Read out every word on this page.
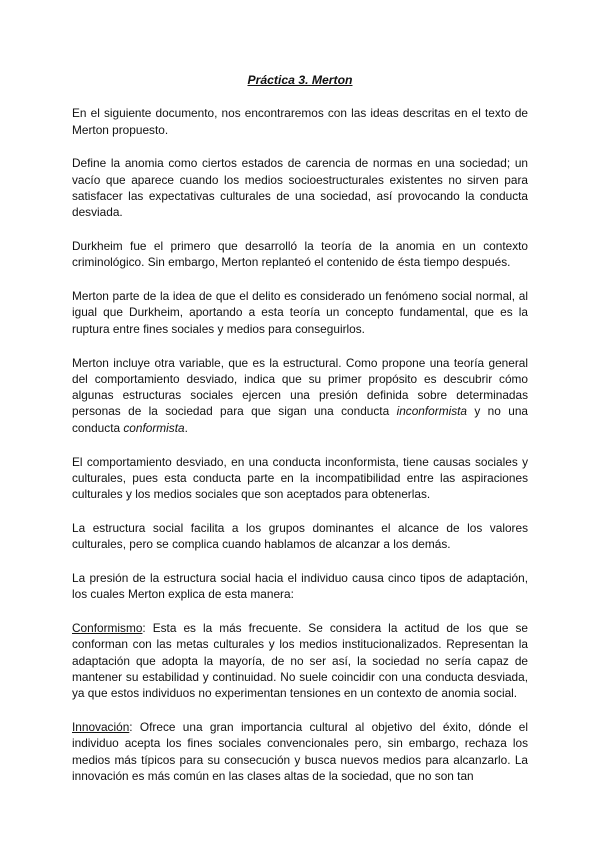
Práctica 3. Merton
En el siguiente documento, nos encontraremos con las ideas descritas en el texto de Merton propuesto.
Define la anomia como ciertos estados de carencia de normas en una sociedad; un vacío que aparece cuando los medios socioestructurales existentes no sirven para satisfacer las expectativas culturales de una sociedad, así provocando la conducta desviada.
Durkheim fue el primero que desarrolló la teoría de la anomia en un contexto criminológico. Sin embargo, Merton replanteó el contenido de ésta tiempo después.
Merton parte de la idea de que el delito es considerado un fenómeno social normal, al igual que Durkheim, aportando a esta teoría un concepto fundamental, que es la ruptura entre fines sociales y medios para conseguirlos.
Merton incluye otra variable, que es la estructural. Como propone una teoría general del comportamiento desviado, indica que su primer propósito es descubrir cómo algunas estructuras sociales ejercen una presión definida sobre determinadas personas de la sociedad para que sigan una conducta inconformista y no una conducta conformista.
El comportamiento desviado, en una conducta inconformista, tiene causas sociales y culturales, pues esta conducta parte en la incompatibilidad entre las aspiraciones culturales y los medios sociales que son aceptados para obtenerlas.
La estructura social facilita a los grupos dominantes el alcance de los valores culturales, pero se complica cuando hablamos de alcanzar a los demás.
La presión de la estructura social hacia el individuo causa cinco tipos de adaptación, los cuales Merton explica de esta manera:
Conformismo: Esta es la más frecuente. Se considera la actitud de los que se conforman con las metas culturales y los medios institucionalizados. Representan la adaptación que adopta la mayoría, de no ser así, la sociedad no sería capaz de mantener su estabilidad y continuidad. No suele coincidir con una conducta desviada, ya que estos individuos no experimentan tensiones en un contexto de anomia social.
Innovación: Ofrece una gran importancia cultural al objetivo del éxito, dónde el individuo acepta los fines sociales convencionales pero, sin embargo, rechaza los medios más típicos para su consecución y busca nuevos medios para alcanzarlo. La innovación es más común en las clases altas de la sociedad, que no son tan
